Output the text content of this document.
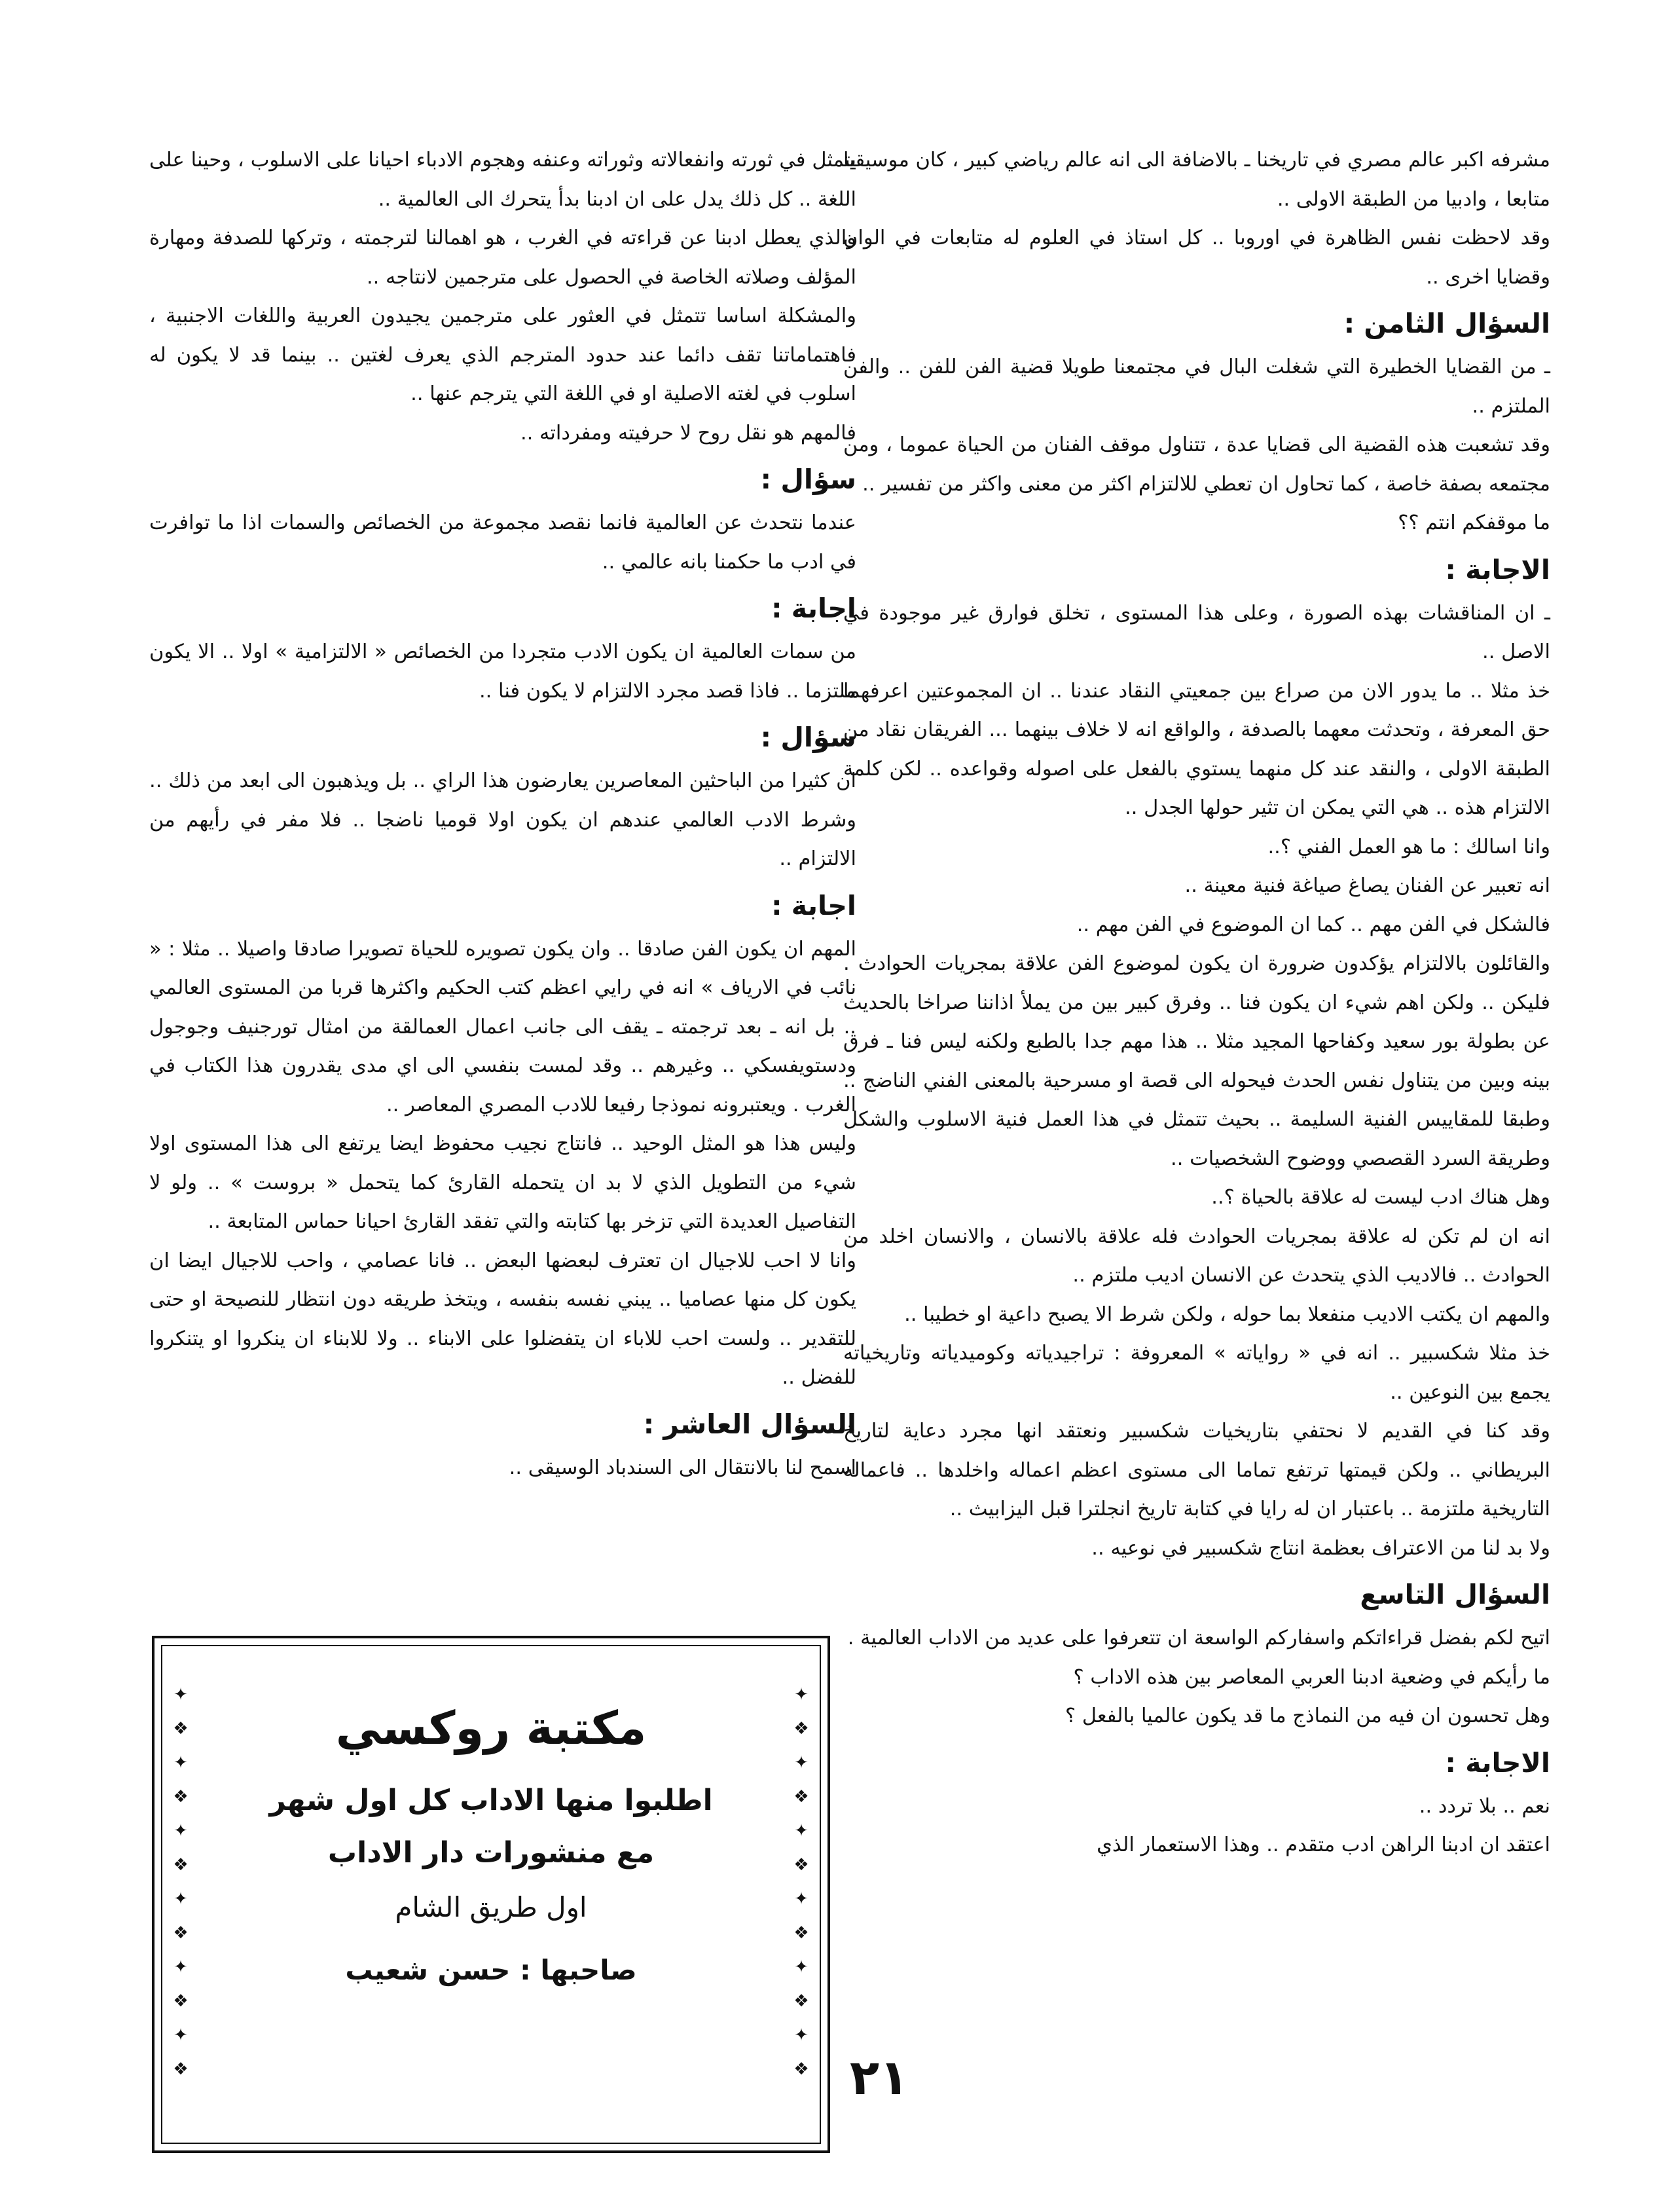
مشرفه اكبر عالم مصري في تاريخنا ـ بالاضافة الى انه عالم رياضي كبير ، كان موسيقيا متابعا ، وادبيا من الطبقة الاولى ..

وقد لاحظت نفس الظاهرة في اوروبا .. كل استاذ في العلوم له متابعات في الوان وقضايا اخرى ..

السؤال الثامن :

ـ من القضايا الخطيرة التي شغلت البال في مجتمعنا طويلا قضية الفن للفن .. والفن الملتزم ..

وقد تشعبت هذه القضية الى قضايا عدة ، تتناول موقف الفنان من الحياة عموما ، ومن مجتمعه بصفة خاصة ، كما تحاول ان تعطي للالتزام اكثر من معنى واكثر من تفسير ..

ما موقفكم انتم ؟؟

الاجابة :

ـ ان المناقشات بهذه الصورة ، وعلى هذا المستوى ، تخلق فوارق غير موجودة في الاصل ..

خذ مثلا .. ما يدور الان من صراع بين جمعيتي النقاد عندنا .. ان المجموعتين اعرفهما حق المعرفة ، وتحدثت معهما بالصدفة ، والواقع انه لا خلاف بينهما ... الفريقان نقاد من الطبقة الاولى ، والنقد عند كل منهما يستوي بالفعل على اصوله وقواعده .. لكن كلمة الالتزام هذه .. هي التي يمكن ان تثير حولها الجدل ..

وانا اسالك : ما هو العمل الفني ؟..

انه تعبير عن الفنان يصاغ صياغة فنية معينة ..

فالشكل في الفن مهم .. كما ان الموضوع في الفن مهم ..

والقائلون بالالتزام يؤكدون ضرورة ان يكون لموضوع الفن علاقة بمجريات الحوادث . فليكن .. ولكن اهم شيء ان يكون فنا .. وفرق كبير بين من يملأ اذاننا صراخا بالحديث عن بطولة بور سعيد وكفاحها المجيد مثلا .. هذا مهم جدا بالطبع ولكنه ليس فنا ـ فرق بينه وبين من يتناول نفس الحدث فيحوله الى قصة او مسرحية بالمعنى الفني الناضج .. وطبقا للمقاييس الفنية السليمة .. بحيث تتمثل في هذا العمل فنية الاسلوب والشكل وطريقة السرد القصصي ووضوح الشخصيات ..

وهل هناك ادب ليست له علاقة بالحياة ؟..

انه ان لم تكن له علاقة بمجريات الحوادث فله علاقة بالانسان ، والانسان اخلد من الحوادث .. فالاديب الذي يتحدث عن الانسان اديب ملتزم ..

والمهم ان يكتب الاديب منفعلا بما حوله ، ولكن شرط الا يصبح داعية او خطيبا ..

خذ مثلا شكسبير .. انه في « رواياته » المعروفة : تراجيدياته وكوميدياته وتاريخياته يجمع بين النوعين ..

وقد كنا في القديم لا نحتفي بتاريخيات شكسبير ونعتقد انها مجرد دعاية لتاريخ البريطاني .. ولكن قيمتها ترتفع تماما الى مستوى اعظم اعماله واخلدها .. فاعماله التاريخية ملتزمة .. باعتبار ان له رايا في كتابة تاريخ انجلترا قبل اليزابيث ..

ولا بد لنا من الاعتراف بعظمة انتاج شكسبير في نوعيه ..

السؤال التاسع

اتيح لكم بفضل قراءاتكم واسفاركم الواسعة ان تتعرفوا على عديد من الاداب العالمية .

ما رأيكم في وضعية ادبنا العربي المعاصر بين هذه الاداب ؟

وهل تحسون ان فيه من النماذج ما قد يكون عالميا بالفعل ؟

الاجابة :

نعم .. بلا تردد ..

اعتقد ان ادبنا الراهن ادب متقدم .. وهذا الاستعمار الذي

يتمثل في ثورته وانفعالاته وثوراته وعنفه وهجوم الادباء احيانا على الاسلوب ، وحينا على اللغة .. كل ذلك يدل على ان ادبنا بدأ يتحرك الى العالمية ..

والذي يعطل ادبنا عن قراءته في الغرب ، هو اهمالنا لترجمته ، وتركها للصدفة ومهارة المؤلف وصلاته الخاصة في الحصول على مترجمين لانتاجه ..

والمشكلة اساسا تتمثل في العثور على مترجمين يجيدون العربية واللغات الاجنبية ، فاهتماماتنا تقف دائما عند حدود المترجم الذي يعرف لغتين .. بينما قد لا يكون له اسلوب في لغته الاصلية او في اللغة التي يترجم عنها ..

فالمهم هو نقل روح لا حرفيته ومفرداته ..

سؤال :

عندما نتحدث عن العالمية فانما نقصد مجموعة من الخصائص والسمات اذا ما توافرت في ادب ما حكمنا بانه عالمي ..

اجابة :

من سمات العالمية ان يكون الادب متجردا من الخصائص « الالتزامية » اولا .. الا يكون ملتزما .. فاذا قصد مجرد الالتزام لا يكون فنا ..

سؤال :

ان كثيرا من الباحثين المعاصرين يعارضون هذا الراي .. بل ويذهبون الى ابعد من ذلك .. وشرط الادب العالمي عندهم ان يكون اولا قوميا ناضجا .. فلا مفر في رأيهم من الالتزام ..

اجابة :

المهم ان يكون الفن صادقا .. وان يكون تصويره للحياة تصويرا صادقا واصيلا .. مثلا : « نائب في الارياف » انه في رايي اعظم كتب الحكيم واكثرها قربا من المستوى العالمي .. بل انه ـ بعد ترجمته ـ يقف الى جانب اعمال العمالقة من امثال تورجنيف وجوجول ودستويفسكي .. وغيرهم .. وقد لمست بنفسي الى اي مدى يقدرون هذا الكتاب في الغرب . ويعتبرونه نموذجا رفيعا للادب المصري المعاصر ..

وليس هذا هو المثل الوحيد .. فانتاج نجيب محفوظ ايضا يرتفع الى هذا المستوى اولا شيء من التطويل الذي لا بد ان يتحمله القارئ كما يتحمل « بروست » .. ولو لا التفاصيل العديدة التي تزخر بها كتابته والتي تفقد القارئ احيانا حماس المتابعة ..

وانا لا احب للاجيال ان تعترف لبعضها البعض .. فانا عصامي ، واحب للاجيال ايضا ان يكون كل منها عصاميا .. يبني نفسه بنفسه ، ويتخذ طريقه دون انتظار للنصيحة او حتى للتقدير .. ولست احب للاباء ان يتفضلوا على الابناء .. ولا للابناء ان ينكروا او يتنكروا للفضل ..

السؤال العاشر :

اسمح لنا بالانتقال الى السندباد الوسيقى ..

مكتبة روكسي
اطلبوا منها الاداب كل اول شهر
مع منشورات دار الاداب
اول طريق الشام
صاحبها : حسن شعيب
✦
❖
✦
❖
✦
❖
✦
❖
✦
❖
✦
❖
✦
❖
✦
❖
✦
❖
✦
❖
✦
❖
✦
❖	٢١
